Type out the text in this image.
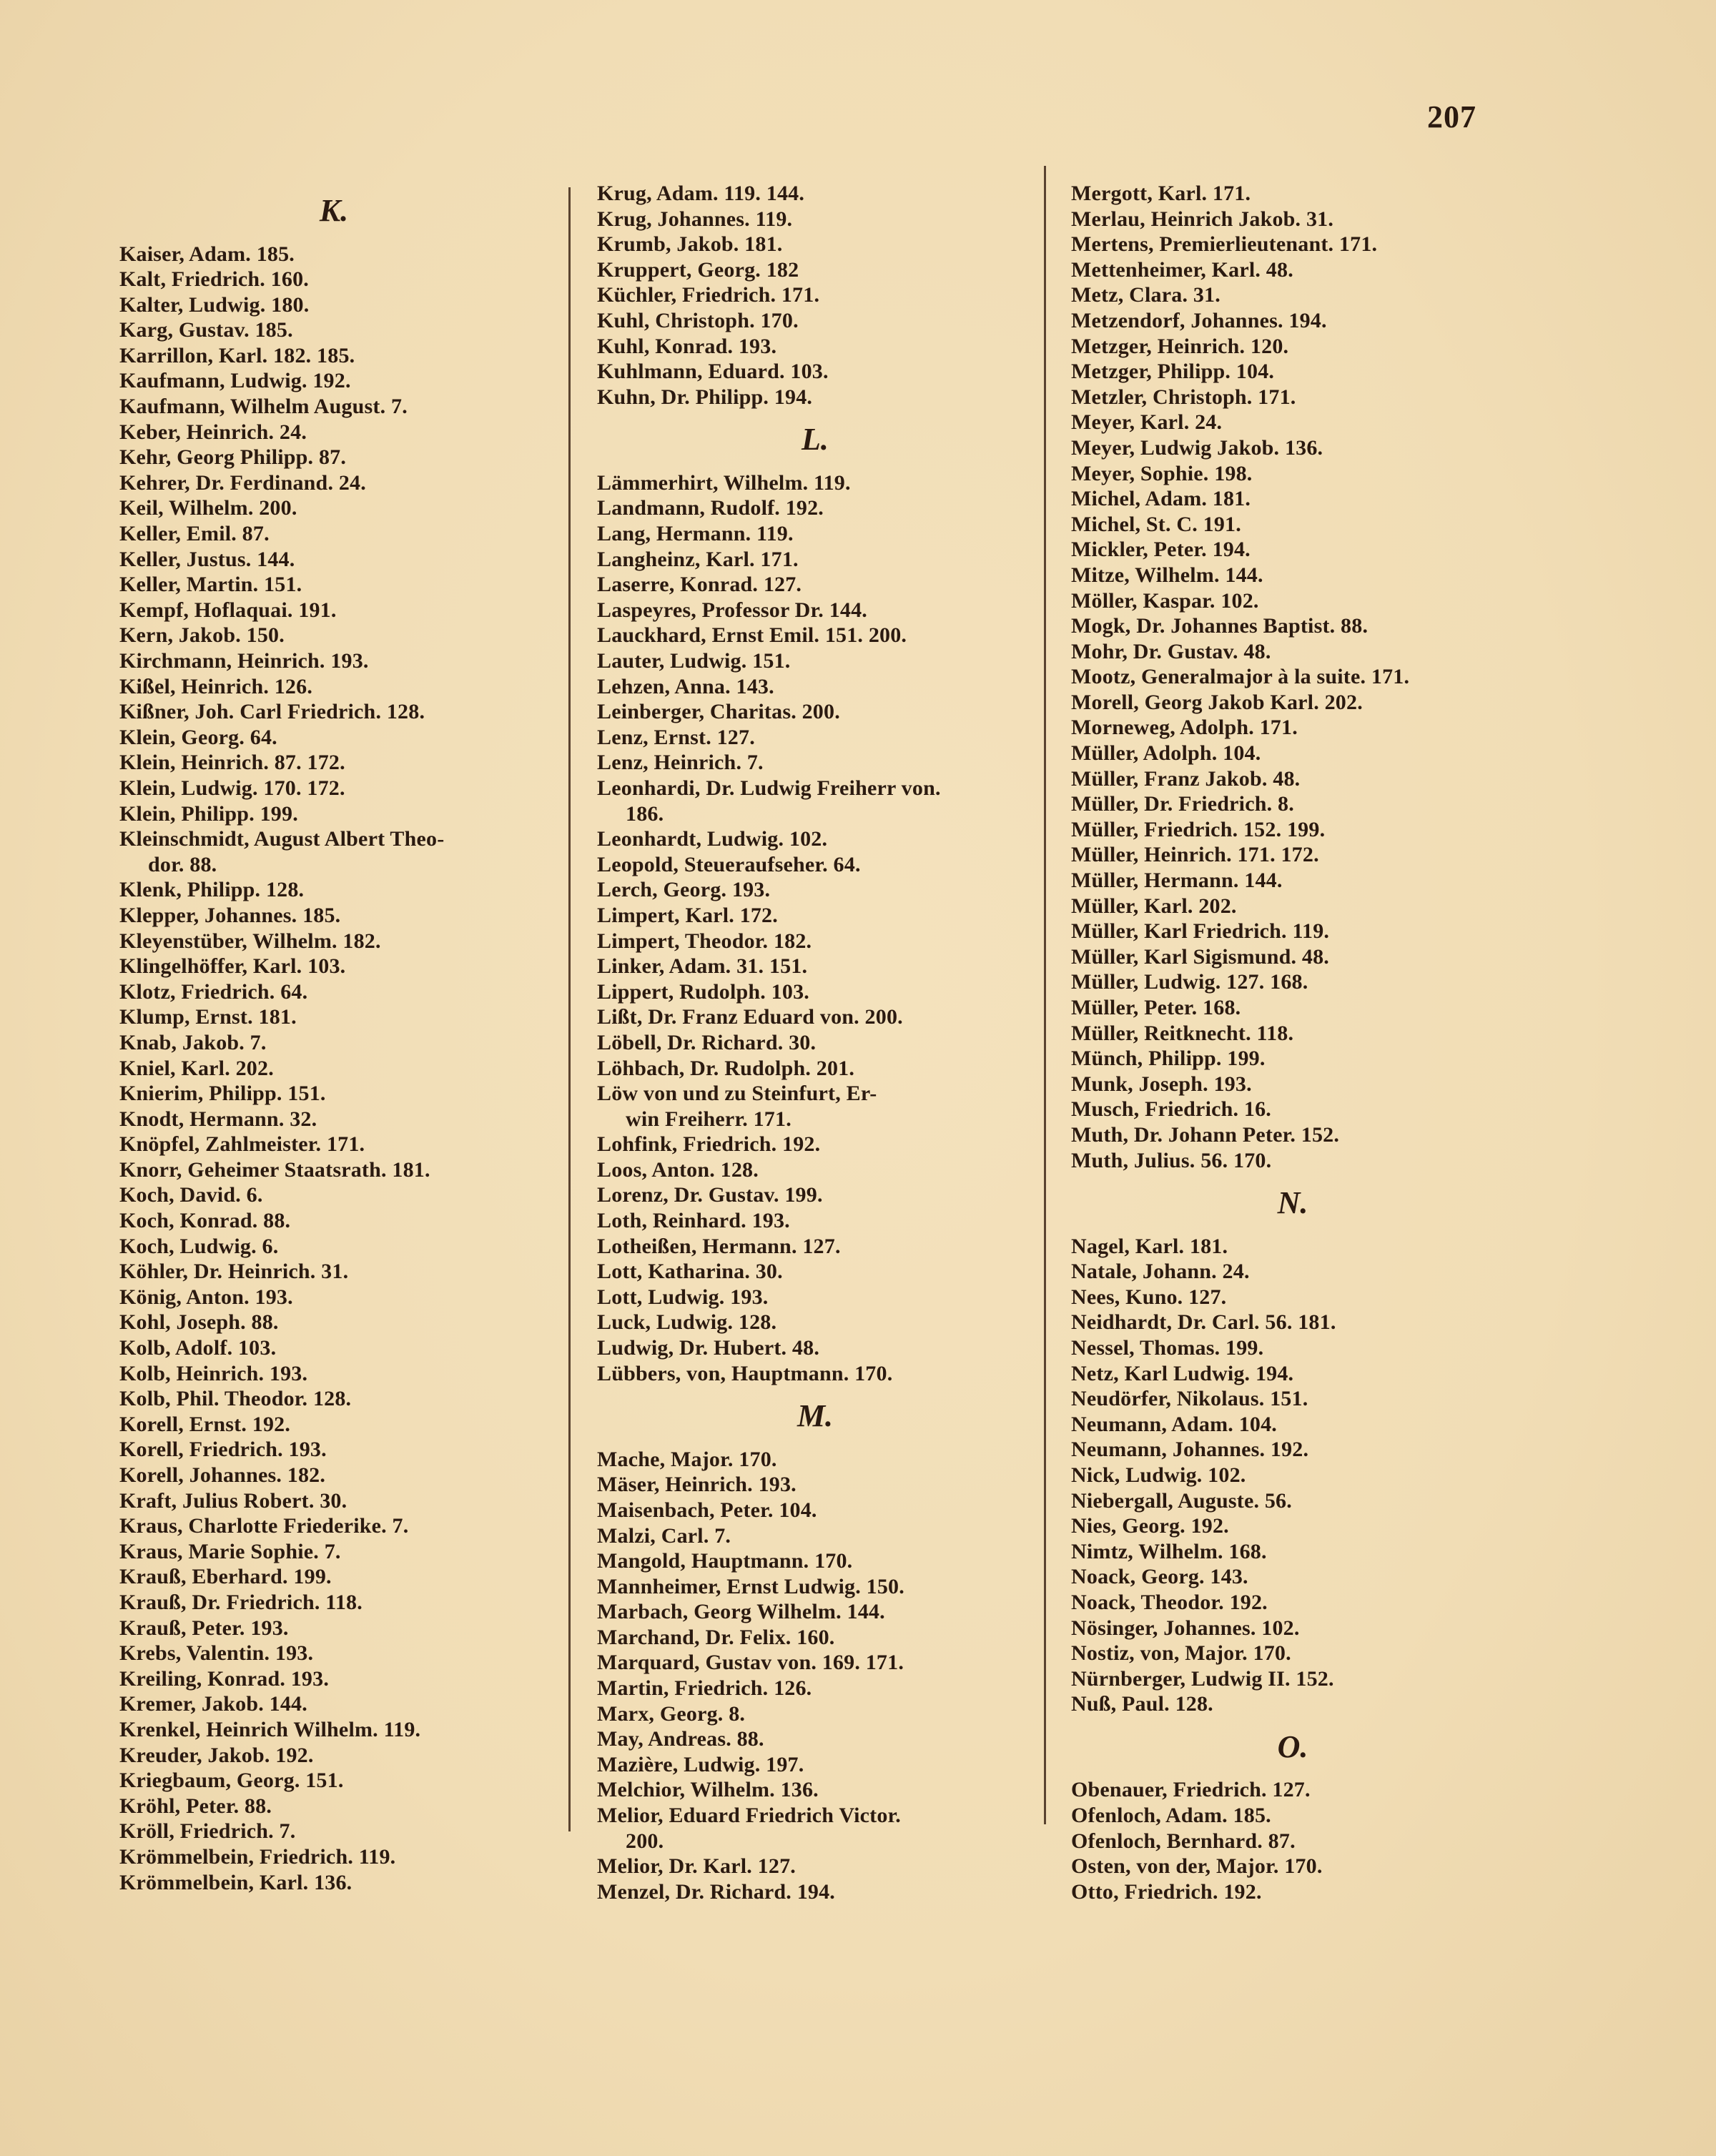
207
K.
Kaiser, Adam. 185.
Kalt, Friedrich. 160.
Kalter, Ludwig. 180.
Karg, Gustav. 185.
Karrillon, Karl. 182. 185.
Kaufmann, Ludwig. 192.
Kaufmann, Wilhelm August. 7.
Keber, Heinrich. 24.
Kehr, Georg Philipp. 87.
Kehrer, Dr. Ferdinand. 24.
Keil, Wilhelm. 200.
Keller, Emil. 87.
Keller, Justus. 144.
Keller, Martin. 151.
Kempf, Hoflaquai. 191.
Kern, Jakob. 150.
Kirchmann, Heinrich. 193.
Kißel, Heinrich. 126.
Kißner, Joh. Carl Friedrich. 128.
Klein, Georg. 64.
Klein, Heinrich. 87. 172.
Klein, Ludwig. 170. 172.
Klein, Philipp. 199.
Kleinschmidt, August Albert Theo-
dor. 88.
Klenk, Philipp. 128.
Klepper, Johannes. 185.
Kleyenstüber, Wilhelm. 182.
Klingelhöffer, Karl. 103.
Klotz, Friedrich. 64.
Klump, Ernst. 181.
Knab, Jakob. 7.
Kniel, Karl. 202.
Knierim, Philipp. 151.
Knodt, Hermann. 32.
Knöpfel, Zahlmeister. 171.
Knorr, Geheimer Staatsrath. 181.
Koch, David. 6.
Koch, Konrad. 88.
Koch, Ludwig. 6.
Köhler, Dr. Heinrich. 31.
König, Anton. 193.
Kohl, Joseph. 88.
Kolb, Adolf. 103.
Kolb, Heinrich. 193.
Kolb, Phil. Theodor. 128.
Korell, Ernst. 192.
Korell, Friedrich. 193.
Korell, Johannes. 182.
Kraft, Julius Robert. 30.
Kraus, Charlotte Friederike. 7.
Kraus, Marie Sophie. 7.
Krauß, Eberhard. 199.
Krauß, Dr. Friedrich. 118.
Krauß, Peter. 193.
Krebs, Valentin. 193.
Kreiling, Konrad. 193.
Kremer, Jakob. 144.
Krenkel, Heinrich Wilhelm. 119.
Kreuder, Jakob. 192.
Kriegbaum, Georg. 151.
Kröhl, Peter. 88.
Kröll, Friedrich. 7.
Krömmelbein, Friedrich. 119.
Krömmelbein, Karl. 136.
Krug, Adam. 119. 144.
Krug, Johannes. 119.
Krumb, Jakob. 181.
Kruppert, Georg. 182
Küchler, Friedrich. 171.
Kuhl, Christoph. 170.
Kuhl, Konrad. 193.
Kuhlmann, Eduard. 103.
Kuhn, Dr. Philipp. 194.
L.
Lämmerhirt, Wilhelm. 119.
Landmann, Rudolf. 192.
Lang, Hermann. 119.
Langheinz, Karl. 171.
Laserre, Konrad. 127.
Laspeyres, Professor Dr. 144.
Lauckhard, Ernst Emil. 151. 200.
Lauter, Ludwig. 151.
Lehzen, Anna. 143.
Leinberger, Charitas. 200.
Lenz, Ernst. 127.
Lenz, Heinrich. 7.
Leonhardi, Dr. Ludwig Freiherr von.
186.
Leonhardt, Ludwig. 102.
Leopold, Steueraufseher. 64.
Lerch, Georg. 193.
Limpert, Karl. 172.
Limpert, Theodor. 182.
Linker, Adam. 31. 151.
Lippert, Rudolph. 103.
Lißt, Dr. Franz Eduard von. 200.
Löbell, Dr. Richard. 30.
Löhbach, Dr. Rudolph. 201.
Löw von und zu Steinfurt, Er-
win Freiherr. 171.
Lohfink, Friedrich. 192.
Loos, Anton. 128.
Lorenz, Dr. Gustav. 199.
Loth, Reinhard. 193.
Lotheißen, Hermann. 127.
Lott, Katharina. 30.
Lott, Ludwig. 193.
Luck, Ludwig. 128.
Ludwig, Dr. Hubert. 48.
Lübbers, von, Hauptmann. 170.
M.
Mache, Major. 170.
Mäser, Heinrich. 193.
Maisenbach, Peter. 104.
Malzi, Carl. 7.
Mangold, Hauptmann. 170.
Mannheimer, Ernst Ludwig. 150.
Marbach, Georg Wilhelm. 144.
Marchand, Dr. Felix. 160.
Marquard, Gustav von. 169. 171.
Martin, Friedrich. 126.
Marx, Georg. 8.
May, Andreas. 88.
Mazière, Ludwig. 197.
Melchior, Wilhelm. 136.
Melior, Eduard Friedrich Victor.
200.
Melior, Dr. Karl. 127.
Menzel, Dr. Richard. 194.
Mergott, Karl. 171.
Merlau, Heinrich Jakob. 31.
Mertens, Premierlieutenant. 171.
Mettenheimer, Karl. 48.
Metz, Clara. 31.
Metzendorf, Johannes. 194.
Metzger, Heinrich. 120.
Metzger, Philipp. 104.
Metzler, Christoph. 171.
Meyer, Karl. 24.
Meyer, Ludwig Jakob. 136.
Meyer, Sophie. 198.
Michel, Adam. 181.
Michel, St. C. 191.
Mickler, Peter. 194.
Mitze, Wilhelm. 144.
Möller, Kaspar. 102.
Mogk, Dr. Johannes Baptist. 88.
Mohr, Dr. Gustav. 48.
Mootz, Generalmajor à la suite. 171.
Morell, Georg Jakob Karl. 202.
Morneweg, Adolph. 171.
Müller, Adolph. 104.
Müller, Franz Jakob. 48.
Müller, Dr. Friedrich. 8.
Müller, Friedrich. 152. 199.
Müller, Heinrich. 171. 172.
Müller, Hermann. 144.
Müller, Karl. 202.
Müller, Karl Friedrich. 119.
Müller, Karl Sigismund. 48.
Müller, Ludwig. 127. 168.
Müller, Peter. 168.
Müller, Reitknecht. 118.
Münch, Philipp. 199.
Munk, Joseph. 193.
Musch, Friedrich. 16.
Muth, Dr. Johann Peter. 152.
Muth, Julius. 56. 170.
N.
Nagel, Karl. 181.
Natale, Johann. 24.
Nees, Kuno. 127.
Neidhardt, Dr. Carl. 56. 181.
Nessel, Thomas. 199.
Netz, Karl Ludwig. 194.
Neudörfer, Nikolaus. 151.
Neumann, Adam. 104.
Neumann, Johannes. 192.
Nick, Ludwig. 102.
Niebergall, Auguste. 56.
Nies, Georg. 192.
Nimtz, Wilhelm. 168.
Noack, Georg. 143.
Noack, Theodor. 192.
Nösinger, Johannes. 102.
Nostiz, von, Major. 170.
Nürnberger, Ludwig II. 152.
Nuß, Paul. 128.
O.
Obenauer, Friedrich. 127.
Ofenloch, Adam. 185.
Ofenloch, Bernhard. 87.
Osten, von der, Major. 170.
Otto, Friedrich. 192.
